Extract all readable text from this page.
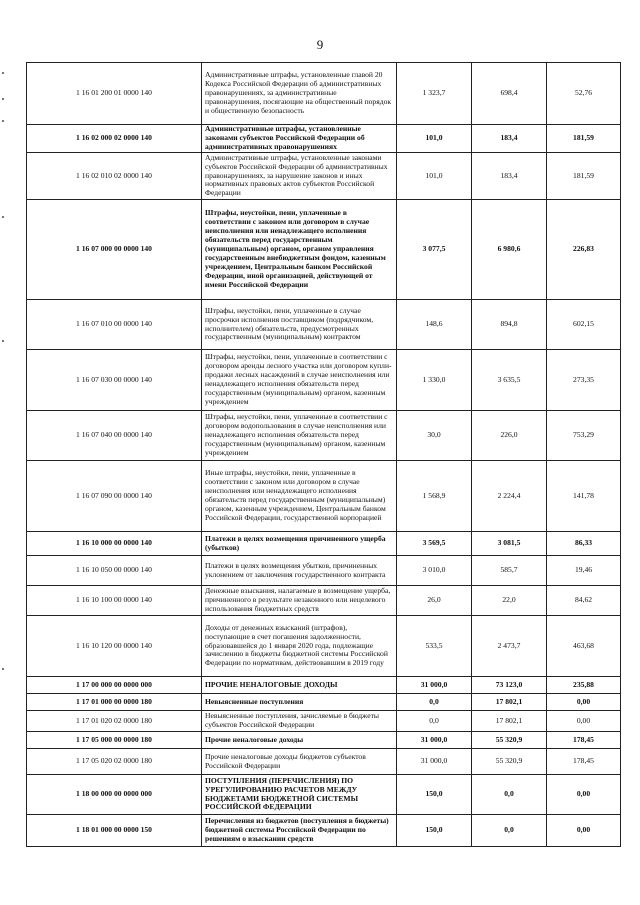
9
1 16 01 200 01 0000 140	Административные штрафы, установленные главой 20 Кодекса Российской Федерации об административных правонарушениях, за административные правонарушения, посягающие на общественный порядок и общественную безопасность	1 323,7	698,4	52,76
1 16 02 000 02 0000 140	Административные штрафы, установленные законами субъектов Российской Федерации об административных правонарушениях	101,0	183,4	181,59
1 16 02 010 02 0000 140	Административные штрафы, установленные законами субъектов Российской Федерации об административных правонарушениях, за нарушение законов и иных нормативных правовых актов субъектов Российской Федерации	101,0	183,4	181,59
1 16 07 000 00 0000 140	Штрафы, неустойки, пени, уплаченные в соответствии с законом или договором в случае неисполнения или ненадлежащего исполнения обязательств перед государственным (муниципальным) органом, органом управления государственным внебюджетным фондом, казенным учреждением, Центральным банком Российской Федерации, иной организацией, действующей от имени Российской Федерации	3 077,5	6 980,6	226,83
1 16 07 010 00 0000 140	Штрафы, неустойки, пени, уплаченные в случае просрочки исполнения поставщиком (подрядчиком, исполнителем) обязательств, предусмотренных государственным (муниципальным) контрактом	148,6	894,8	602,15
1 16 07 030 00 0000 140	Штрафы, неустойки, пени, уплаченные в соответствии с договором аренды лесного участка или договором купли-продажи лесных насаждений в случае неисполнения или ненадлежащего исполнения обязательств перед государственным (муниципальным) органом, казенным учреждением	1 330,0	3 635,5	273,35
1 16 07 040 00 0000 140	Штрафы, неустойки, пени, уплаченные в соответствии с договором водопользования в случае неисполнения или ненадлежащего исполнения обязательств перед государственным (муниципальным) органом, казенным учреждением	30,0	226,0	753,29
1 16 07 090 00 0000 140	Иные штрафы, неустойки, пени, уплаченные в соответствии с законом или договором в случае неисполнения или ненадлежащего исполнения обязательств перед государственным (муниципальным) органом, казенным учреждением, Центральным банком Российской Федерации, государственной корпорацией	1 568,9	2 224,4	141,78
1 16 10 000 00 0000 140	Платежи в целях возмещения причиненного ущерба (убытков)	3 569,5	3 081,5	86,33
1 16 10 050 00 0000 140	Платежи в целях возмещения убытков, причиненных уклонением от заключения государственного контракта	3 010,0	585,7	19,46
1 16 10 100 00 0000 140	Денежные взыскания, налагаемые в возмещение ущерба, причиненного в результате незаконного или нецелевого использования бюджетных средств	26,0	22,0	84,62
1 16 10 120 00 0000 140	Доходы от денежных взысканий (штрафов), поступающие в счет погашения задолженности, образовавшейся до 1 января 2020 года, подлежащие зачислению в бюджеты бюджетной системы Российской Федерации по нормативам, действовавшим в 2019 году	533,5	2 473,7	463,68
1 17 00 000 00 0000 000	ПРОЧИЕ НЕНАЛОГОВЫЕ ДОХОДЫ	31 000,0	73 123,0	235,88
1 17 01 000 00 0000 180	Невыясненные поступления	0,0	17 802,1	0,00
1 17 01 020 02 0000 180	Невыясненные поступления, зачисляемые в бюджеты субъектов Российской Федерации	0,0	17 802,1	0,00
1 17 05 000 00 0000 180	Прочие неналоговые доходы	31 000,0	55 320,9	178,45
1 17 05 020 02 0000 180	Прочие неналоговые доходы бюджетов субъектов Российской Федерации	31 000,0	55 320,9	178,45
1 18 00 000 00 0000 000	ПОСТУПЛЕНИЯ (ПЕРЕЧИСЛЕНИЯ) ПО УРЕГУЛИРОВАНИЮ РАСЧЕТОВ МЕЖДУ БЮДЖЕТАМИ БЮДЖЕТНОЙ СИСТЕМЫ РОССИЙСКОЙ ФЕДЕРАЦИИ	150,0	0,0	0,00
1 18 01 000 00 0000 150	Перечисления из бюджетов (поступления в бюджеты) бюджетной системы Российской Федерации по решениям о взыскании средств	150,0	0,0	0,00
